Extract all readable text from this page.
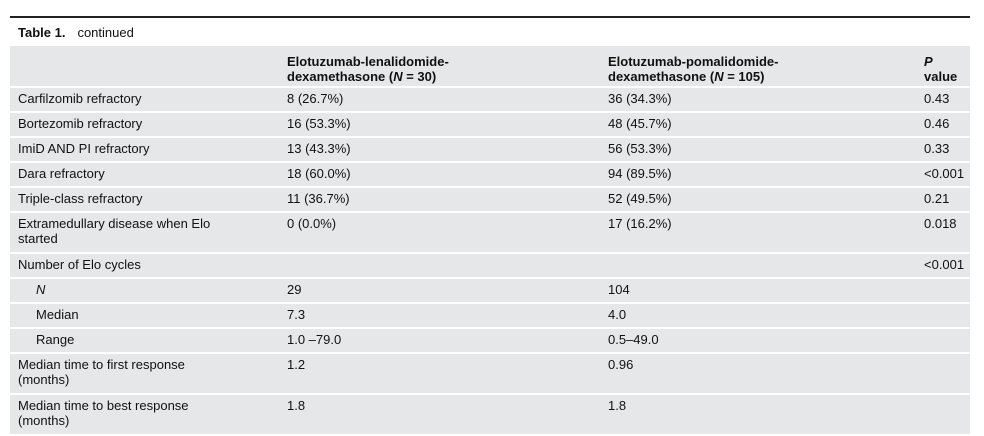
Table 1. continued
	Elotuzumab-lenalidomide-
dexamethasone (N = 30)	Elotuzumab-pomalidomide-
dexamethasone (N = 105)	P value
Carfilzomib refractory	8 (26.7%)	36 (34.3%)	0.43
Bortezomib refractory	16 (53.3%)	48 (45.7%)	0.46
ImiD AND PI refractory	13 (43.3%)	56 (53.3%)	0.33
Dara refractory	18 (60.0%)	94 (89.5%)	<0.001
Triple-class refractory	11 (36.7%)	52 (49.5%)	0.21
Extramedullary disease when Elo
started	0 (0.0%)	17 (16.2%)	0.018
Number of Elo cycles			<0.001
N	29	104	
Median	7.3	4.0	
Range	1.0 –79.0	0.5–49.0	
Median time to first response
(months)	1.2	0.96	
Median time to best response
(months)	1.8	1.8	
